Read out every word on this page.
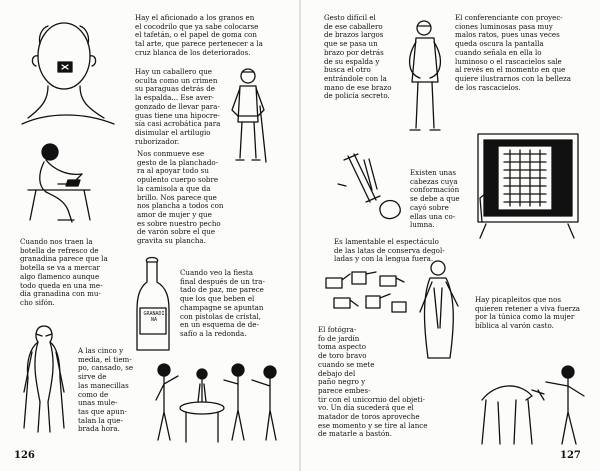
Hay el aficionado a los granos en
el cocodrilo que ya sabe colocarse
el tafetán, o el papel de goma con
tal arte, que parece pertenecer a la
cruz blanca de los deteriorados.

Hay un caballero que
oculta como un crimen
su paraguas detrás de
la espalda... Ese aver-
gonzado de llevar para-
guas tiene una hipocre-
sía casi acrobática para
disimular el artilugio
ruborizador.

Nos conmueve ese
gesto de la planchado-
ra al apoyar todo su
opulento cuerpo sobre
la camisola a que da
brillo. Nos parece que
nos plancha a todos con
amor de mujer y que
es sobre nuestro pecho
de varón sobre el que
gravita su plancha.

Cuando nos traen la
botella de refresco de
granadina parece que la
botella se va a mercar
algo flamenco aunque
todo queda en una me-
dia granadina con mu-
cho sifón.

GRANADINA

Cuando veo la fiesta
final después de un tra-
tado de paz, me parece
que los que beben el
champagne se apuntan
con pistolas de cristal,
en un esquema de de-
safío a la redonda.

A las cinco y
media, el tiem-
po, cansado, se
sirve de
las manecillas
como de
unas mule-
tas que apun-
talan la que-
brada hora.

126

Gesto difícil el
de ese caballero
de brazos largos
que se pasa un
brazo por detrás
de su espalda y
busca el otro
entrándole con la
mano de ese brazo
de policía secreto.

El conferenciante con proyec-
ciones luminosas pasa muy
malos ratos, pues unas veces
queda oscura la pantalla
cuando señala en ella lo
luminoso o el rascacielos sale
al revés en el momento en que
quiere ilustrarnos con la belleza
de los rascacielos.

Existen unas
cabezas cuya
conformación
se debe a que
cayó sobre
ellas una co-
lumna.

Es lamentable el espectáculo
de las latas de conserva degol-
ladas y con la lengua fuera.

Hay picapleitos que nos
quieren retener a viva fuerza
por la túnica como la mujer
bíblica al varón casto.

El fotógra-
fo de jardín
toma aspecto
de toro bravo
cuando se mete
debajo del
paño negro y
parece embes-
tir con el unicornio del objeti-
vo. Un día sucederá que el
matador de toros aproveche
ese momento y se tire al lance
de matarle a bastón.

127
